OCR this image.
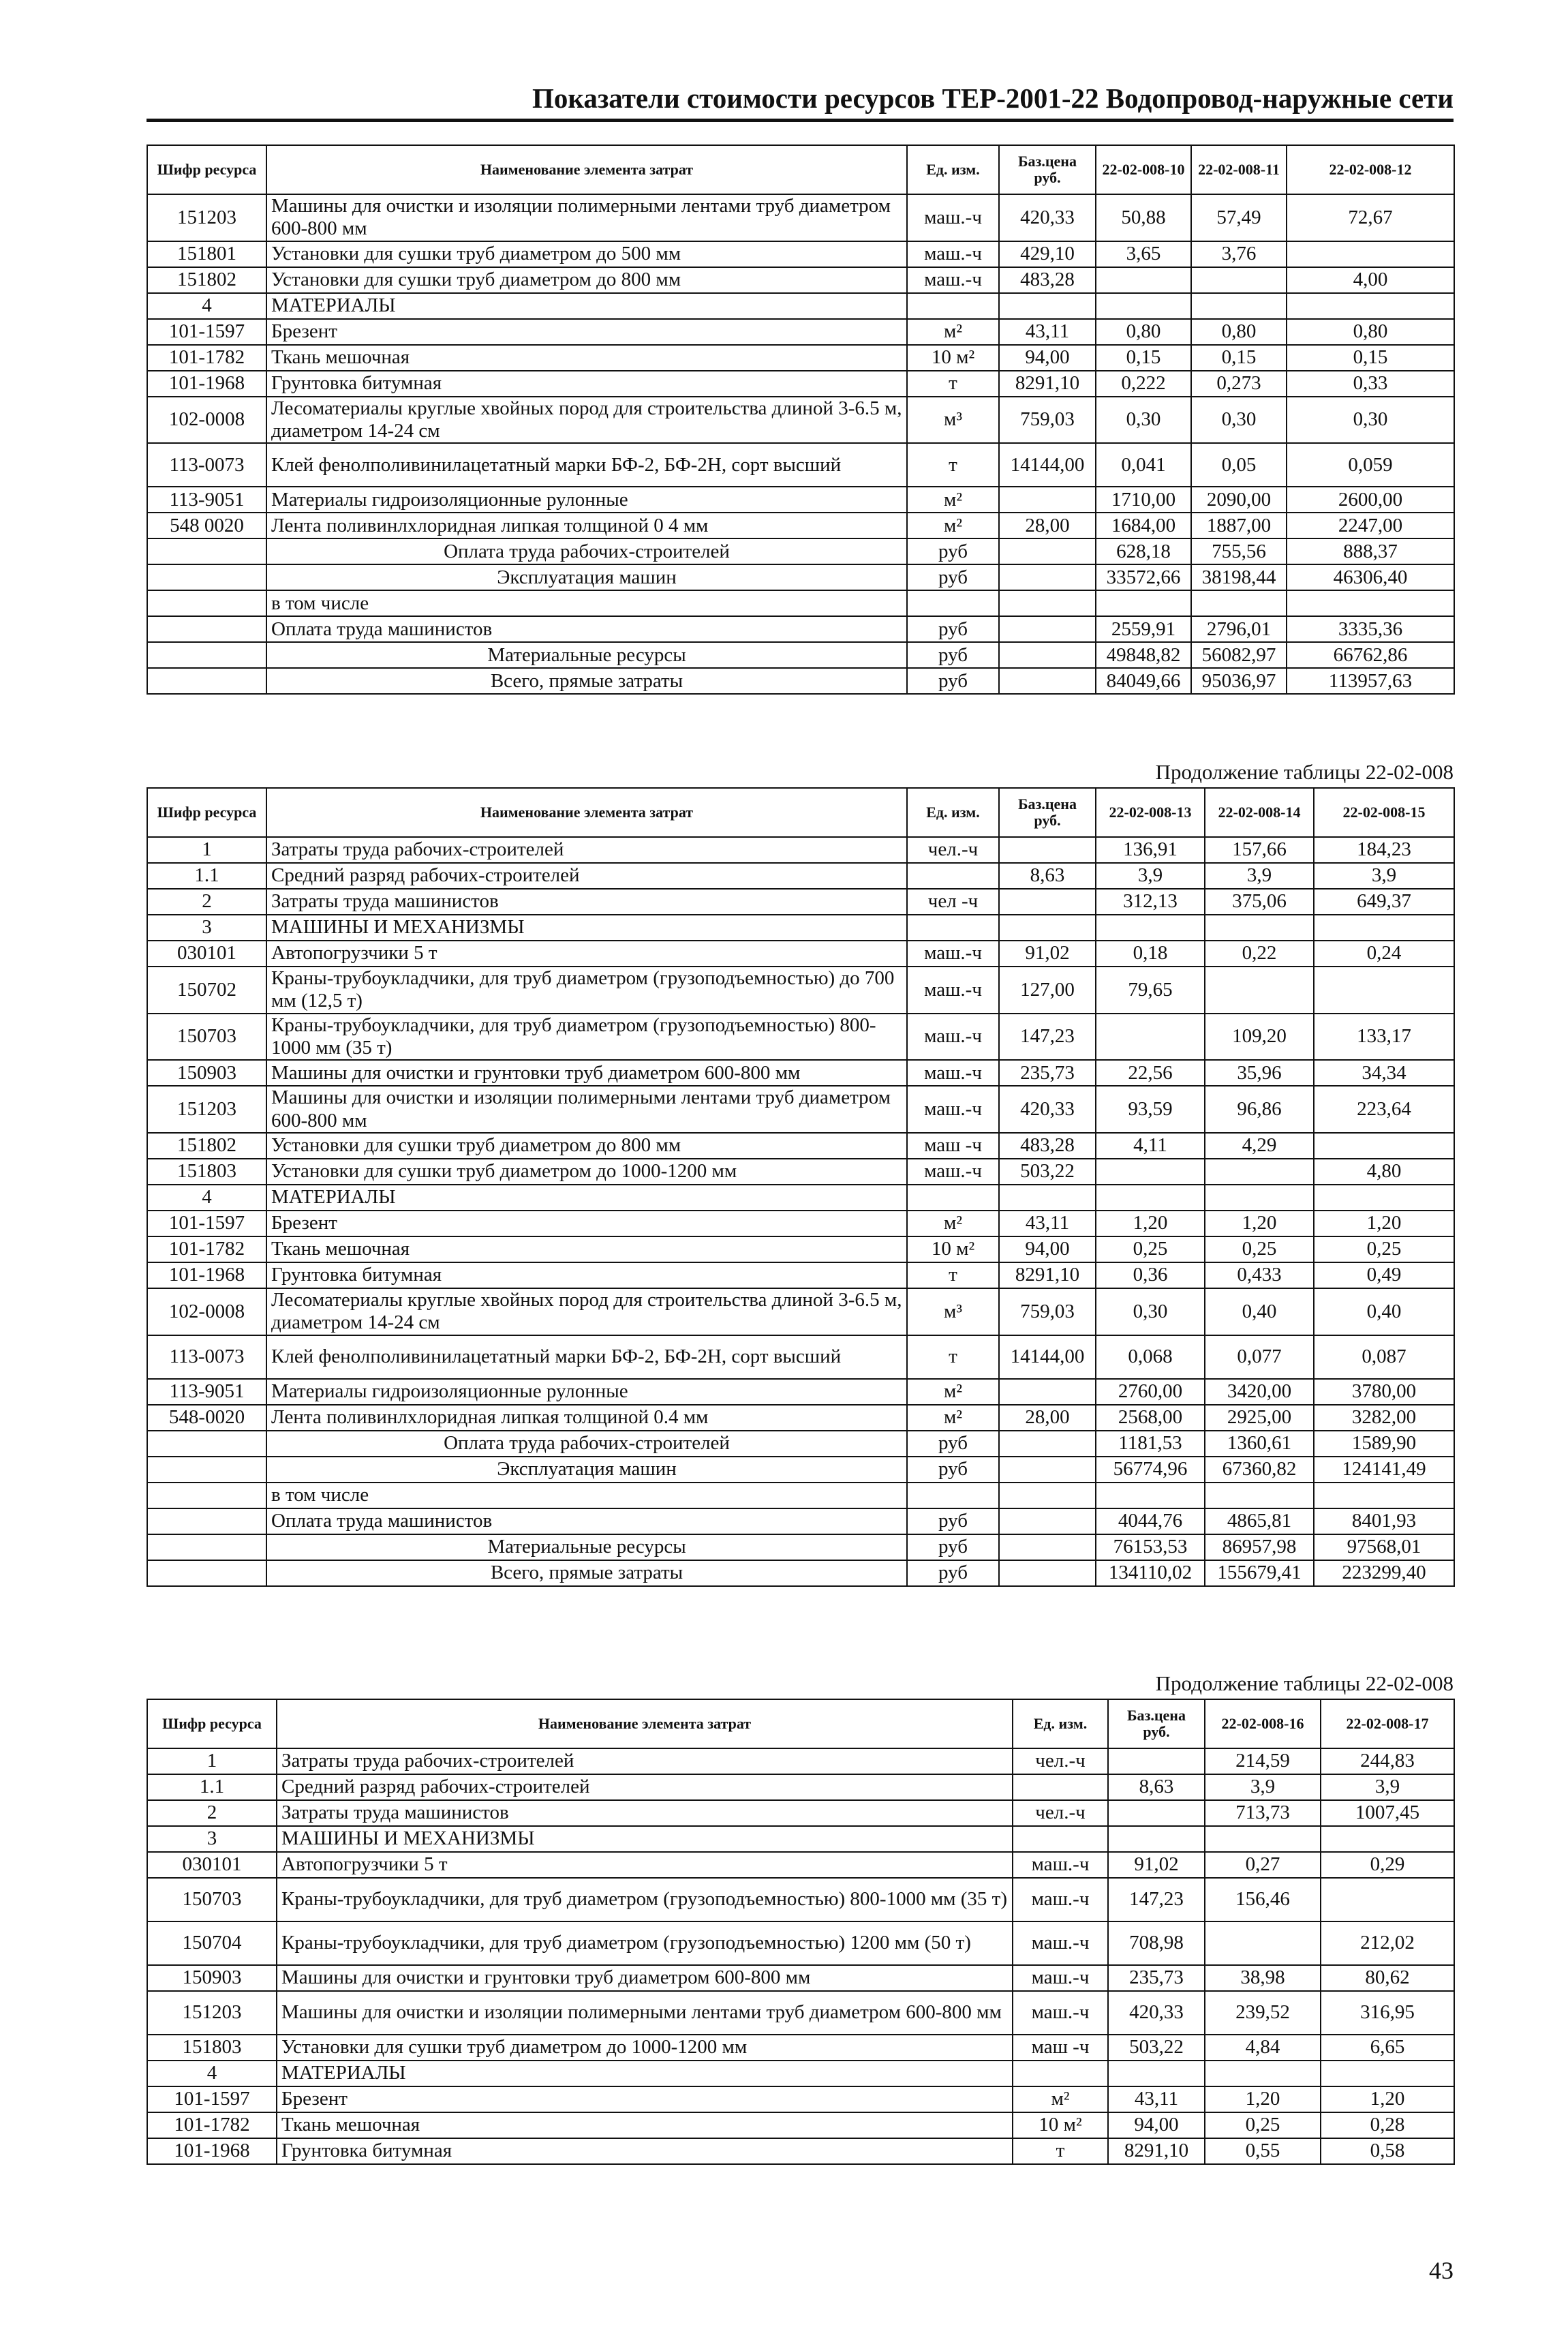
Показатели стоимости ресурсов ТЕР-2001-22 Водопровод-наружные сети
Продолжение таблицы 22-02-008
Продолжение таблицы 22-02-008
Шифр ресурса	Наименование элемента затрат	Ед. изм.	Баз.цена руб.	22-02-008-10	22-02-008-11	22-02-008-12
151203	Машины для очистки и изоляции полимерными лентами труб диаметром 600-800 мм	маш.-ч	420,33	50,88	57,49	72,67
151801	Установки для сушки труб диаметром до 500 мм	маш.-ч	429,10	3,65	3,76	
151802	Установки для сушки труб диаметром до 800 мм	маш.-ч	483,28			4,00
4	МАТЕРИАЛЫ					
101-1597	Брезент	м²	43,11	0,80	0,80	0,80
101-1782	Ткань мешочная	10 м²	94,00	0,15	0,15	0,15
101-1968	Грунтовка битумная	т	8291,10	0,222	0,273	0,33
102-0008	Лесоматериалы круглые хвойных пород для строительства длиной 3-6.5 м, диаметром 14-24 см	м³	759,03	0,30	0,30	0,30
113-0073	Клей фенолполивинилацетатный марки БФ-2, БФ-2Н, сорт высший	т	14144,00	0,041	0,05	0,059
113-9051	Материалы гидроизоляционные рулонные	м²		1710,00	2090,00	2600,00
548 0020	Лента поливинлхлоридная липкая толщиной 0 4 мм	м²	28,00	1684,00	1887,00	2247,00
	Оплата труда рабочих-строителей	руб		628,18	755,56	888,37
	Эксплуатация машин	руб		33572,66	38198,44	46306,40
	в том числе					
	Оплата труда машинистов	руб		2559,91	2796,01	3335,36
	Материальные ресурсы	руб		49848,82	56082,97	66762,86
	Всего, прямые затраты	руб		84049,66	95036,97	113957,63
Шифр ресурса	Наименование элемента затрат	Ед. изм.	Баз.цена руб.	22-02-008-13	22-02-008-14	22-02-008-15
1	Затраты труда рабочих-строителей	чел.-ч		136,91	157,66	184,23
1.1	Средний разряд рабочих-строителей		8,63	3,9	3,9	3,9
2	Затраты труда машинистов	чел -ч		312,13	375,06	649,37
3	МАШИНЫ И МЕХАНИЗМЫ					
030101	Автопогрузчики 5 т	маш.-ч	91,02	0,18	0,22	0,24
150702	Краны-трубоукладчики, для труб диаметром (грузоподъемностью) до 700 мм (12,5 т)	маш.-ч	127,00	79,65		
150703	Краны-трубоукладчики, для труб диаметром (грузоподъемностью) 800-1000 мм (35 т)	маш.-ч	147,23		109,20	133,17
150903	Машины для очистки и грунтовки труб диаметром 600-800 мм	маш.-ч	235,73	22,56	35,96	34,34
151203	Машины для очистки и изоляции полимерными лентами труб диаметром 600-800 мм	маш.-ч	420,33	93,59	96,86	223,64
151802	Установки для сушки труб диаметром до 800 мм	маш -ч	483,28	4,11	4,29	
151803	Установки для сушки труб диаметром до 1000-1200 мм	маш.-ч	503,22			4,80
4	МАТЕРИАЛЫ					
101-1597	Брезент	м²	43,11	1,20	1,20	1,20
101-1782	Ткань мешочная	10 м²	94,00	0,25	0,25	0,25
101-1968	Грунтовка битумная	т	8291,10	0,36	0,433	0,49
102-0008	Лесоматериалы круглые хвойных пород для строительства длиной 3-6.5 м, диаметром 14-24 см	м³	759,03	0,30	0,40	0,40
113-0073	Клей фенолполивинилацетатный марки БФ-2, БФ-2Н, сорт высший	т	14144,00	0,068	0,077	0,087
113-9051	Материалы гидроизоляционные рулонные	м²		2760,00	3420,00	3780,00
548-0020	Лента поливинлхлоридная липкая толщиной 0.4 мм	м²	28,00	2568,00	2925,00	3282,00
	Оплата труда рабочих-строителей	руб		1181,53	1360,61	1589,90
	Эксплуатация машин	руб		56774,96	67360,82	124141,49
	в том числе					
	Оплата труда машинистов	руб		4044,76	4865,81	8401,93
	Материальные ресурсы	руб		76153,53	86957,98	97568,01
	Всего, прямые затраты	руб		134110,02	155679,41	223299,40
Шифр ресурса	Наименование элемента затрат	Ед. изм.	Баз.цена руб.	22-02-008-16	22-02-008-17
1	Затраты труда рабочих-строителей	чел.-ч		214,59	244,83
1.1	Средний разряд рабочих-строителей		8,63	3,9	3,9
2	Затраты труда машинистов	чел.-ч		713,73	1007,45
3	МАШИНЫ И МЕХАНИЗМЫ				
030101	Автопогрузчики 5 т	маш.-ч	91,02	0,27	0,29
150703	Краны-трубоукладчики, для труб диаметром (грузоподъемностью) 800-1000 мм (35 т)	маш.-ч	147,23	156,46	
150704	Краны-трубоукладчики, для труб диаметром (грузоподъемностью) 1200 мм (50 т)	маш.-ч	708,98		212,02
150903	Машины для очистки и грунтовки труб диаметром 600-800 мм	маш.-ч	235,73	38,98	80,62
151203	Машины для очистки и изоляции полимерными лентами труб диаметром 600-800 мм	маш.-ч	420,33	239,52	316,95
151803	Установки для сушки труб диаметром до 1000-1200 мм	маш -ч	503,22	4,84	6,65
4	МАТЕРИАЛЫ				
101-1597	Брезент	м²	43,11	1,20	1,20
101-1782	Ткань мешочная	10 м²	94,00	0,25	0,28
101-1968	Грунтовка битумная	т	8291,10	0,55	0,58
43
